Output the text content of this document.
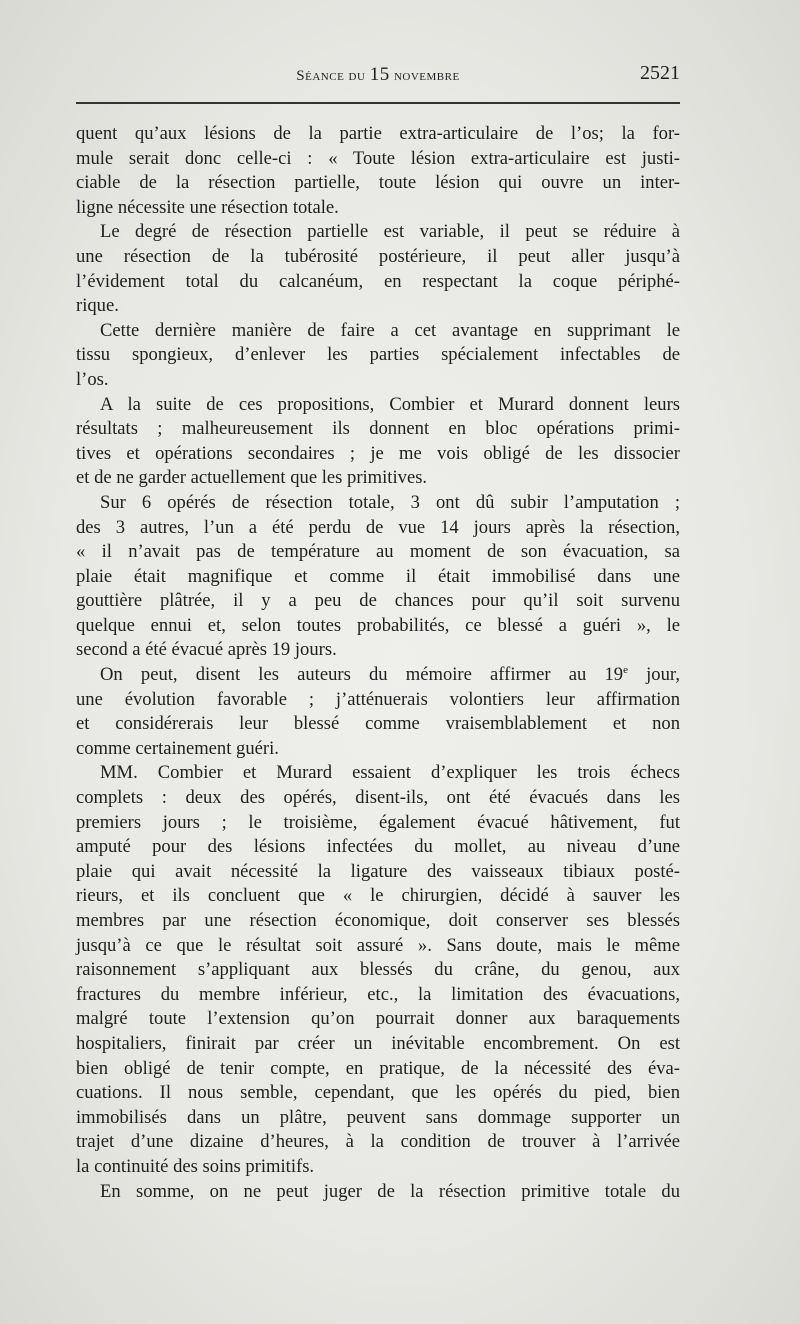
Séance du 15 novembre	2521
quent qu’aux lésions de la partie extra-articulaire de l’os; la for-
mule serait donc celle-ci : « Toute lésion extra-articulaire est justi-
ciable de la résection partielle, toute lésion qui ouvre un inter-
ligne nécessite une résection totale.
Le degré de résection partielle est variable, il peut se réduire à
une résection de la tubérosité postérieure, il peut aller jusqu’à
l’évidement total du calcanéum, en respectant la coque périphé-
rique.
Cette dernière manière de faire a cet avantage en supprimant le
tissu spongieux, d’enlever les parties spécialement infectables de
l’os.
A la suite de ces propositions, Combier et Murard donnent leurs
résultats ; malheureusement ils donnent en bloc opérations primi-
tives et opérations secondaires ; je me vois obligé de les dissocier
et de ne garder actuellement que les primitives.
Sur 6 opérés de résection totale, 3 ont dû subir l’amputation ;
des 3 autres, l’un a été perdu de vue 14 jours après la résection,
« il n’avait pas de température au moment de son évacuation, sa
plaie était magnifique et comme il était immobilisé dans une
gouttière plâtrée, il y a peu de chances pour qu’il soit survenu
quelque ennui et, selon toutes probabilités, ce blessé a guéri », le
second a été évacué après 19 jours.
On peut, disent les auteurs du mémoire affirmer au 19e jour,
une évolution favorable ; j’atténuerais volontiers leur affirmation
et considérerais leur blessé comme vraisemblablement et non
comme certainement guéri.
MM. Combier et Murard essaient d’expliquer les trois échecs
complets : deux des opérés, disent-ils, ont été évacués dans les
premiers jours ; le troisième, également évacué hâtivement, fut
amputé pour des lésions infectées du mollet, au niveau d’une
plaie qui avait nécessité la ligature des vaisseaux tibiaux posté-
rieurs, et ils concluent que « le chirurgien, décidé à sauver les
membres par une résection économique, doit conserver ses blessés
jusqu’à ce que le résultat soit assuré ». Sans doute, mais le même
raisonnement s’appliquant aux blessés du crâne, du genou, aux
fractures du membre inférieur, etc., la limitation des évacuations,
malgré toute l’extension qu’on pourrait donner aux baraquements
hospitaliers, finirait par créer un inévitable encombrement. On est
bien obligé de tenir compte, en pratique, de la nécessité des éva-
cuations. Il nous semble, cependant, que les opérés du pied, bien
immobilisés dans un plâtre, peuvent sans dommage supporter un
trajet d’une dizaine d’heures, à la condition de trouver à l’arrivée
la continuité des soins primitifs.
En somme, on ne peut juger de la résection primitive totale du
